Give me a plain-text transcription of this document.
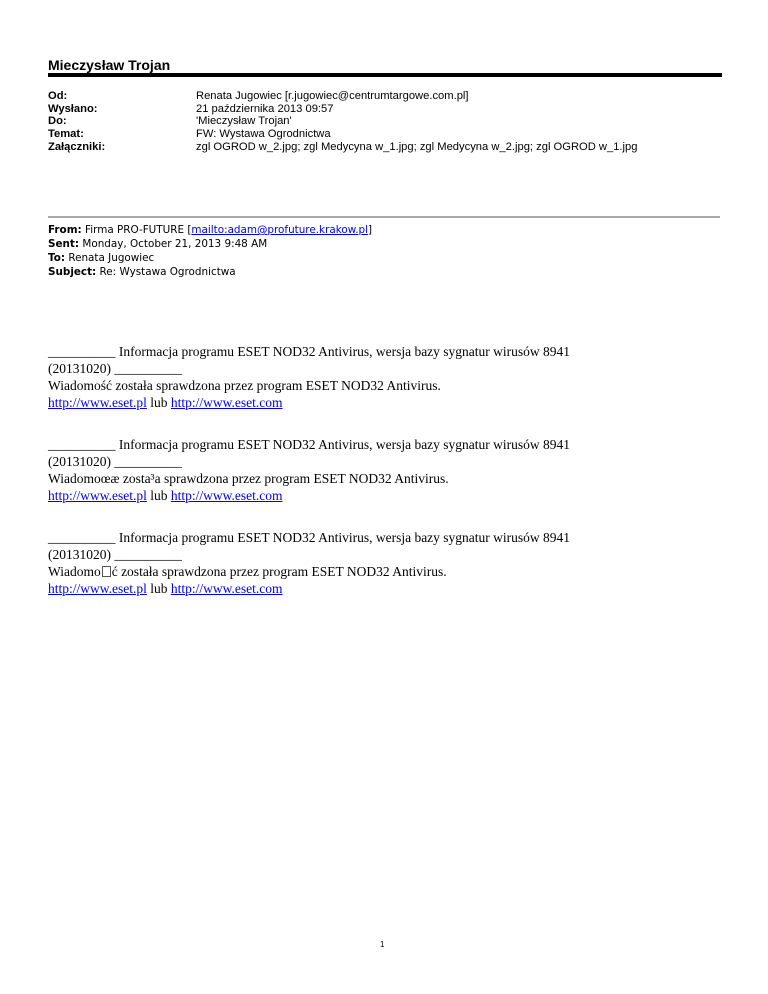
Mieczysław Trojan
Od:	Renata Jugowiec [r.jugowiec@centrumtargowe.com.pl]
Wysłano:	21 października 2013 09:57
Do:	'Mieczysław Trojan'
Temat:	FW: Wystawa Ogrodnictwa
Załączniki:	zgl OGROD w_2.jpg; zgl Medycyna w_1.jpg; zgl Medycyna w_2.jpg; zgl OGROD w_1.jpg
From: Firma PRO-FUTURE [mailto:adam@profuture.krakow.pl]
Sent: Monday, October 21, 2013 9:48 AM
To: Renata Jugowiec
Subject: Re: Wystawa Ogrodnictwa

__________ Informacja programu ESET NOD32 Antivirus, wersja bazy sygnatur wirusów 8941
(20131020) __________

Wiadomość została sprawdzona przez program ESET NOD32 Antivirus.

http://www.eset.pl lub http://www.eset.com

__________ Informacja programu ESET NOD32 Antivirus, wersja bazy sygnatur wirusów 8941
(20131020) __________

Wiadomoœæ zosta³a sprawdzona przez program ESET NOD32 Antivirus.

http://www.eset.pl lub http://www.eset.com

__________ Informacja programu ESET NOD32 Antivirus, wersja bazy sygnatur wirusów 8941
(20131020) __________

Wiadomo ć została sprawdzona przez program ESET NOD32 Antivirus.

http://www.eset.pl lub http://www.eset.com

1
